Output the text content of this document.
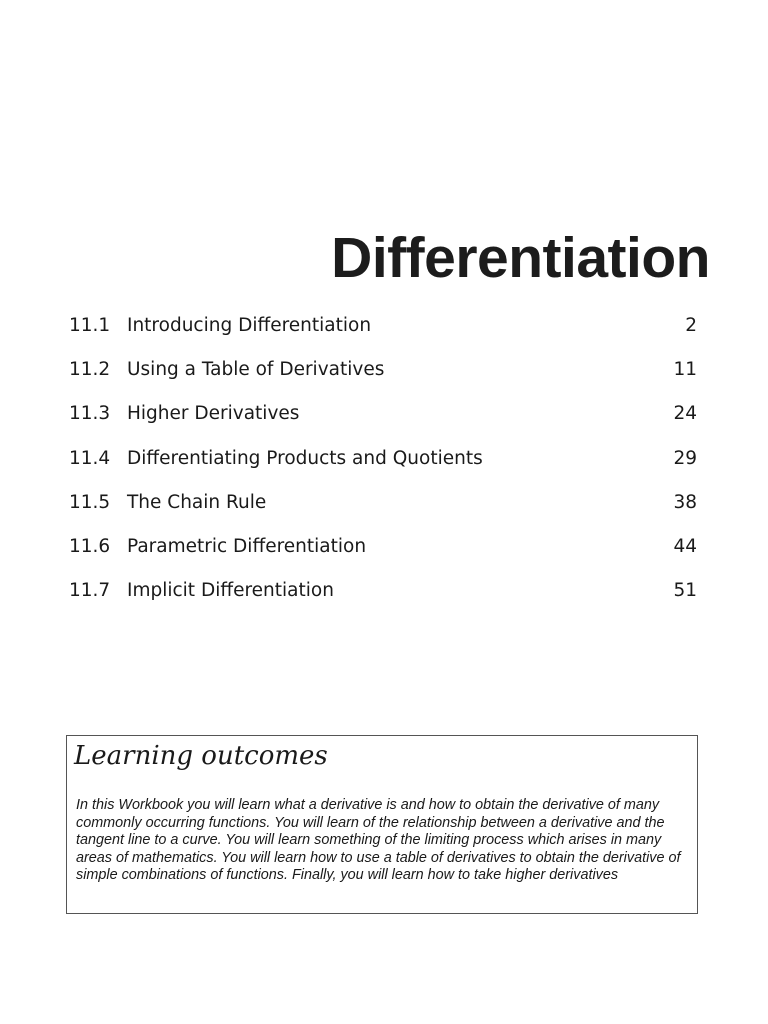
Differentiation
11.1 Introducing Differentiation	2
11.2 Using a Table of Derivatives	11
11.3 Higher Derivatives	24
11.4 Differentiating Products and Quotients	29
11.5 The Chain Rule	38
11.6 Parametric Differentiation	44
11.7 Implicit Differentiation	51
Learning outcomes
In this Workbook you will learn what a derivative is and how to obtain the derivative of many commonly occurring functions. You will learn of the relationship between a derivative and the tangent line to a curve. You will learn something of the limiting process which arises in many areas of mathematics. You will learn how to use a table of derivatives to obtain the derivative of simple combinations of functions. Finally, you will learn how to take higher derivatives
